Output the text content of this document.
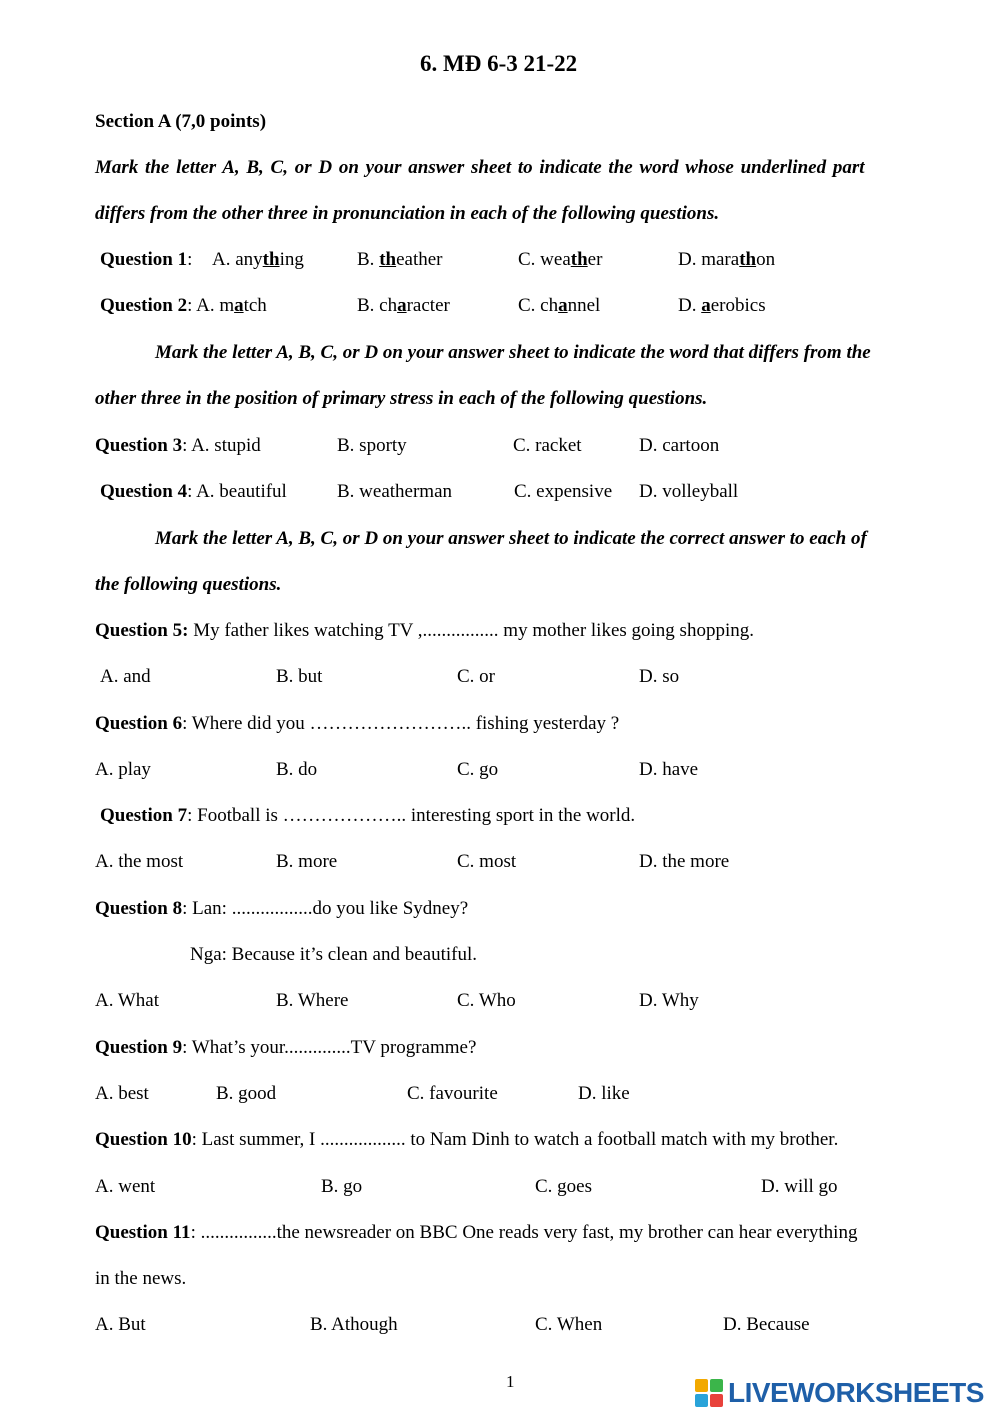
6. MĐ 6-3 21-22
Section A (7,0 points)
Mark the letter A, B, C, or D on your answer sheet to indicate the word whose underlined part
differs from the other three in pronunciation in each of the following questions.
Question 1: A. anything	B. theather	C. weather	D. marathon
Question 2: A. match	B. character	C. channel	D. aerobics
Mark the letter A, B, C, or D on your answer sheet to indicate the word that differs from the
other three in the position of primary stress in each of the following questions.
Question 3: A. stupid	B. sporty	C. racket	D. cartoon
Question 4: A. beautiful	B. weatherman	C. expensive D. volleyball
Mark the letter A, B, C, or D on your answer sheet to indicate the correct answer to each of
the following questions.
Question 5: My father likes watching TV ,................ my mother likes going shopping.
A. and	B. but	C. or	D. so
Question 6: Where did you …………………….. fishing yesterday ?
A. play	B. do	C. go	D. have
Question 7: Football is ……………….. interesting sport in the world.
A. the most	B. more	C. most	D. the more
Question 8: Lan: .................do you like Sydney?
Nga: Because it’s clean and beautiful.
A. What	B. Where	C. Who	D. Why
Question 9: What’s your..............TV programme?
A. best	B. good	C. favourite	D. like
Question 10: Last summer, I .................. to Nam Dinh to watch a football match with my brother.
A. went	B. go	C. goes	D. will go
Question 11: ................the newsreader on BBC One reads very fast, my brother can hear everything
in the news.
A. But	B. Athough	C. When	D. Because
1	LIVEWORKSHEETS
